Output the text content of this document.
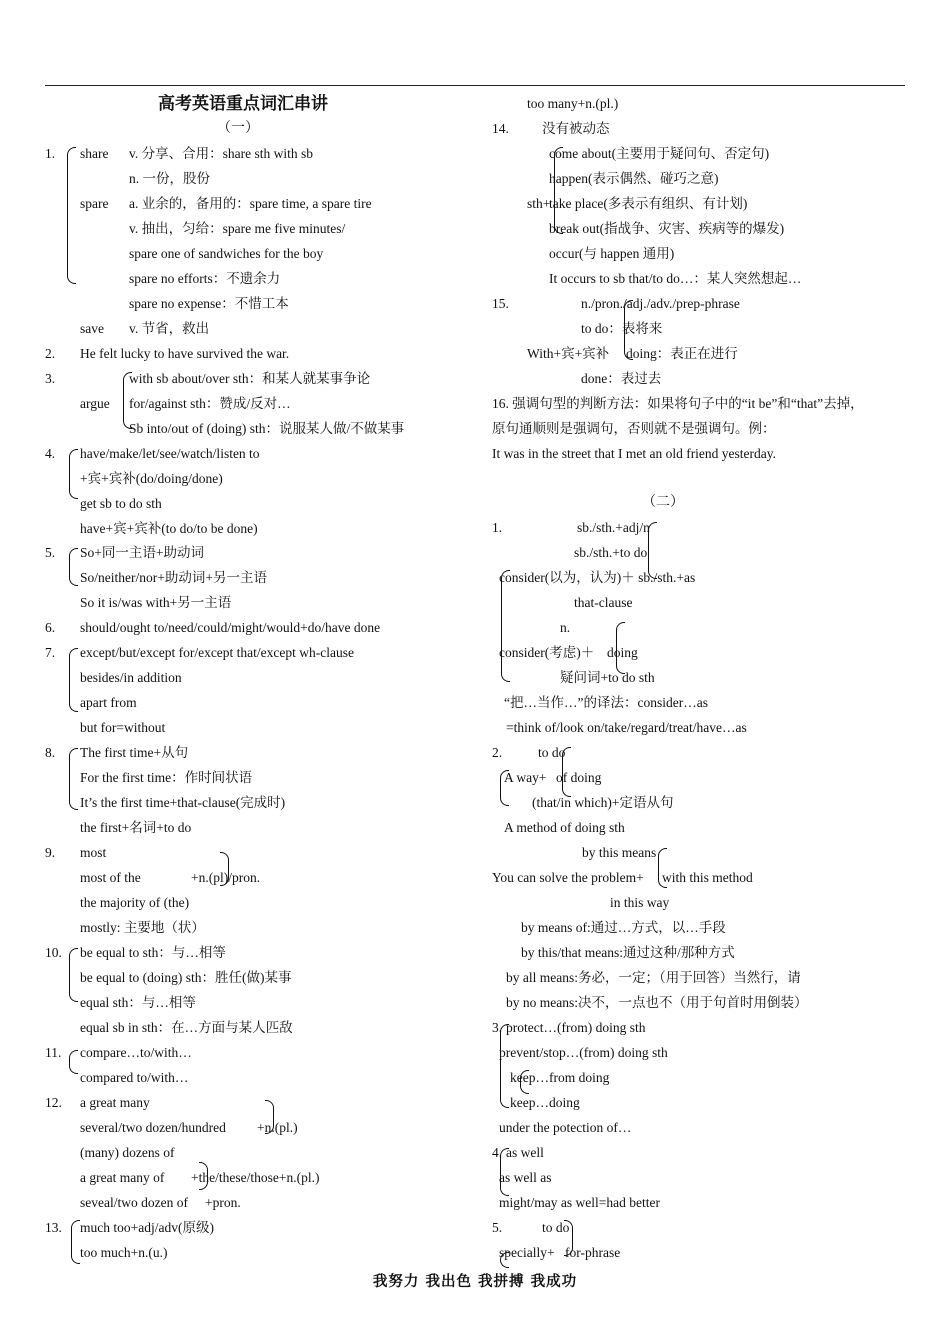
高考英语重点词汇串讲
（一）
1. share v. 分享、合用：share sth with sb
n. 一份，股份
spare a. 业余的，备用的：spare time, a spare tire
v. 抽出，匀给：spare me five minutes/
spare one of sandwiches for the boy
spare no efforts：不遗余力
spare no expense：不惜工本
save v. 节省，救出
2. He felt lucky to have survived the war.
3.
argue
with sb about/over sth：和某人就某事争论
for/against sth：赞成/反对…
Sb into/out of (doing) sth：说服某人做/不做某事
4. have/make/let/see/watch/listen to
+宾+宾补(do/doing/done)
get sb to do sth
have+宾+宾补(to do/to be done)
5. So+同一主语+助动词
So/neither/nor+助动词+另一主语
So it is/was with+另一主语
6. should/ought to/need/could/might/would+do/have done
7. except/but/except for/except that/except wh-clause
besides/in addition
apart from
but for=without
8. The first time+从句
For the first time：作时间状语
It’s the first time+that-clause(完成时)
the first+名词+to do
9. most
most of the	+n.(pl)/pron.
the majority of (the)
mostly: 主要地（状）
10. be equal to sth：与…相等
be equal to (doing) sth：胜任(做)某事
equal sth：与…相等
equal sb in sth：在…方面与某人匹敌
11. compare…to/with…
compared to/with…
12. a great many
several/two dozen/hundred +n.(pl.)
(many) dozens of
a great many of +the/these/those+n.(pl.)
seveal/two dozen of +pron.
13. much too+adj/adv(原级)
too much+n.(u.)
too many+n.(pl.)
14. 没有被动态
come about(主要用于疑问句、否定句)
happen(表示偶然、碰巧之意)
sth+
take place(多表示有组织、有计划)
break out(指战争、灾害、疾病等的爆发)
occur(与 happen 通用)
It occurs to sb that/to do…：某人突然想起…
15.	n./pron./adj./adv./prep-phrase
to do：表将来
With+宾+宾补 doing：表正在进行
done：表过去
16. 强调句型的判断方法：如果将句子中的“it be”和“that”去掉，
原句通顺则是强调句，否则就不是强调句。例：
It was in the street that I met an old friend yesterday.
（二）
1.	sb./sth.+adj/n
sb./sth.+to do
consider(以为，认为)＋ sb./sth.+as
that-clause
n.
consider(考虑)＋ doing
疑问词+to do sth
“把…当作…”的译法：consider…as
=think of/look on/take/regard/treat/have…as
2.	to do
A way+ of doing
(that/in which)+定语从句
A method of doing sth
by this means
You can solve the problem+ with this method
in this way
by means of:通过…方式，以…手段
by this/that means:通过这种/那种方式
by all means:务必，一定；（用于回答）当然行，请
by no means:决不，一点也不（用于句首时用倒装）
3. protect…(from) doing sth
prevent/stop…(from) doing sth
keep…from doing
keep…doing
under the potection of…
4. as well
as well as
might/may as well=had better
5.	to do
specially+ for-phrase
我努力 我出色 我拼搏 我成功
